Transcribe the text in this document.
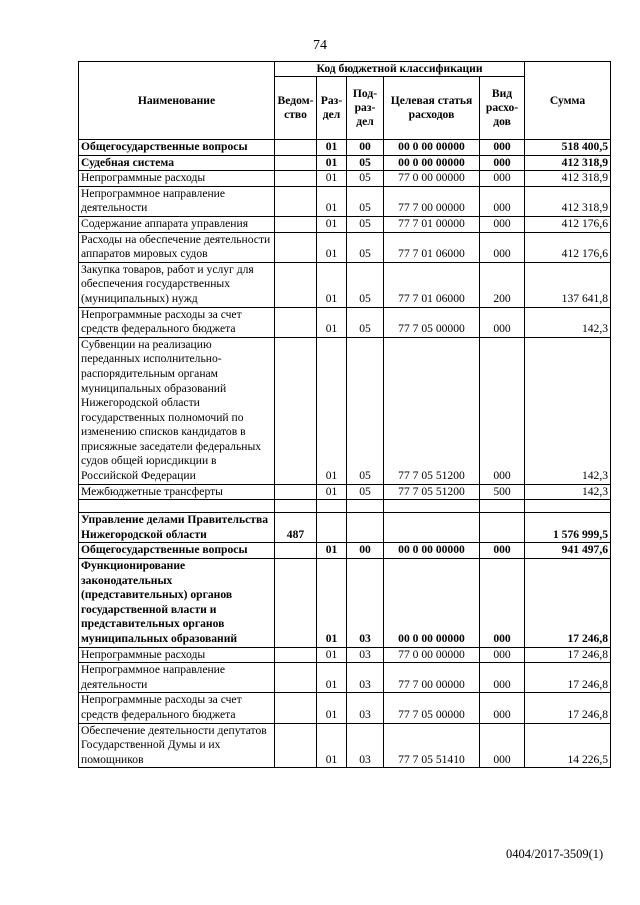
74
Наименование	Код бюджетной классификации					Сумма
	Ведом-ство	Раз-дел	Под-раз-дел	Целевая статья расходов	Вид расхо-дов	
Общегосударственные вопросы		01	00	00 0 00 00000	000	518 400,5
Судебная система		01	05	00 0 00 00000	000	412 318,9
Непрограммные расходы		01	05	77 0 00 00000	000	412 318,9
Непрограммное направление деятельности		01	05	77 7 00 00000	000	412 318,9
Содержание аппарата управления		01	05	77 7 01 00000	000	412 176,6
Расходы на обеспечение деятельности аппаратов мировых судов		01	05	77 7 01 06000	000	412 176,6
Закупка товаров, работ и услуг для обеспечения государственных (муниципальных) нужд		01	05	77 7 01 06000	200	137 641,8
Непрограммные расходы за счет средств федерального бюджета		01	05	77 7 05 00000	000	142,3
Субвенции на реализацию переданных исполнительно-распорядительным органам муниципальных образований Нижегородской области государственных полномочий по изменению списков кандидатов в присяжные заседатели федеральных судов общей юрисдикции в Российской Федерации		01	05	77 7 05 51200	000	142,3
Межбюджетные трансферты		01	05	77 7 05 51200	500	142,3

Управление делами Правительства Нижегородской области	487					1 576 999,5
Общегосударственные вопросы		01	00	00 0 00 00000	000	941 497,6
Функционирование законодательных (представительных) органов государственной власти и представительных органов муниципальных образований		01	03	00 0 00 00000	000	17 246,8
Непрограммные расходы		01	03	77 0 00 00000	000	17 246,8
Непрограммное направление деятельности		01	03	77 7 00 00000	000	17 246,8
Непрограммные расходы за счет средств федерального бюджета		01	03	77 7 05 00000	000	17 246,8
Обеспечение деятельности депутатов Государственной Думы и их помощников		01	03	77 7 05 51410	000	14 226,5
0404/2017-3509(1)
